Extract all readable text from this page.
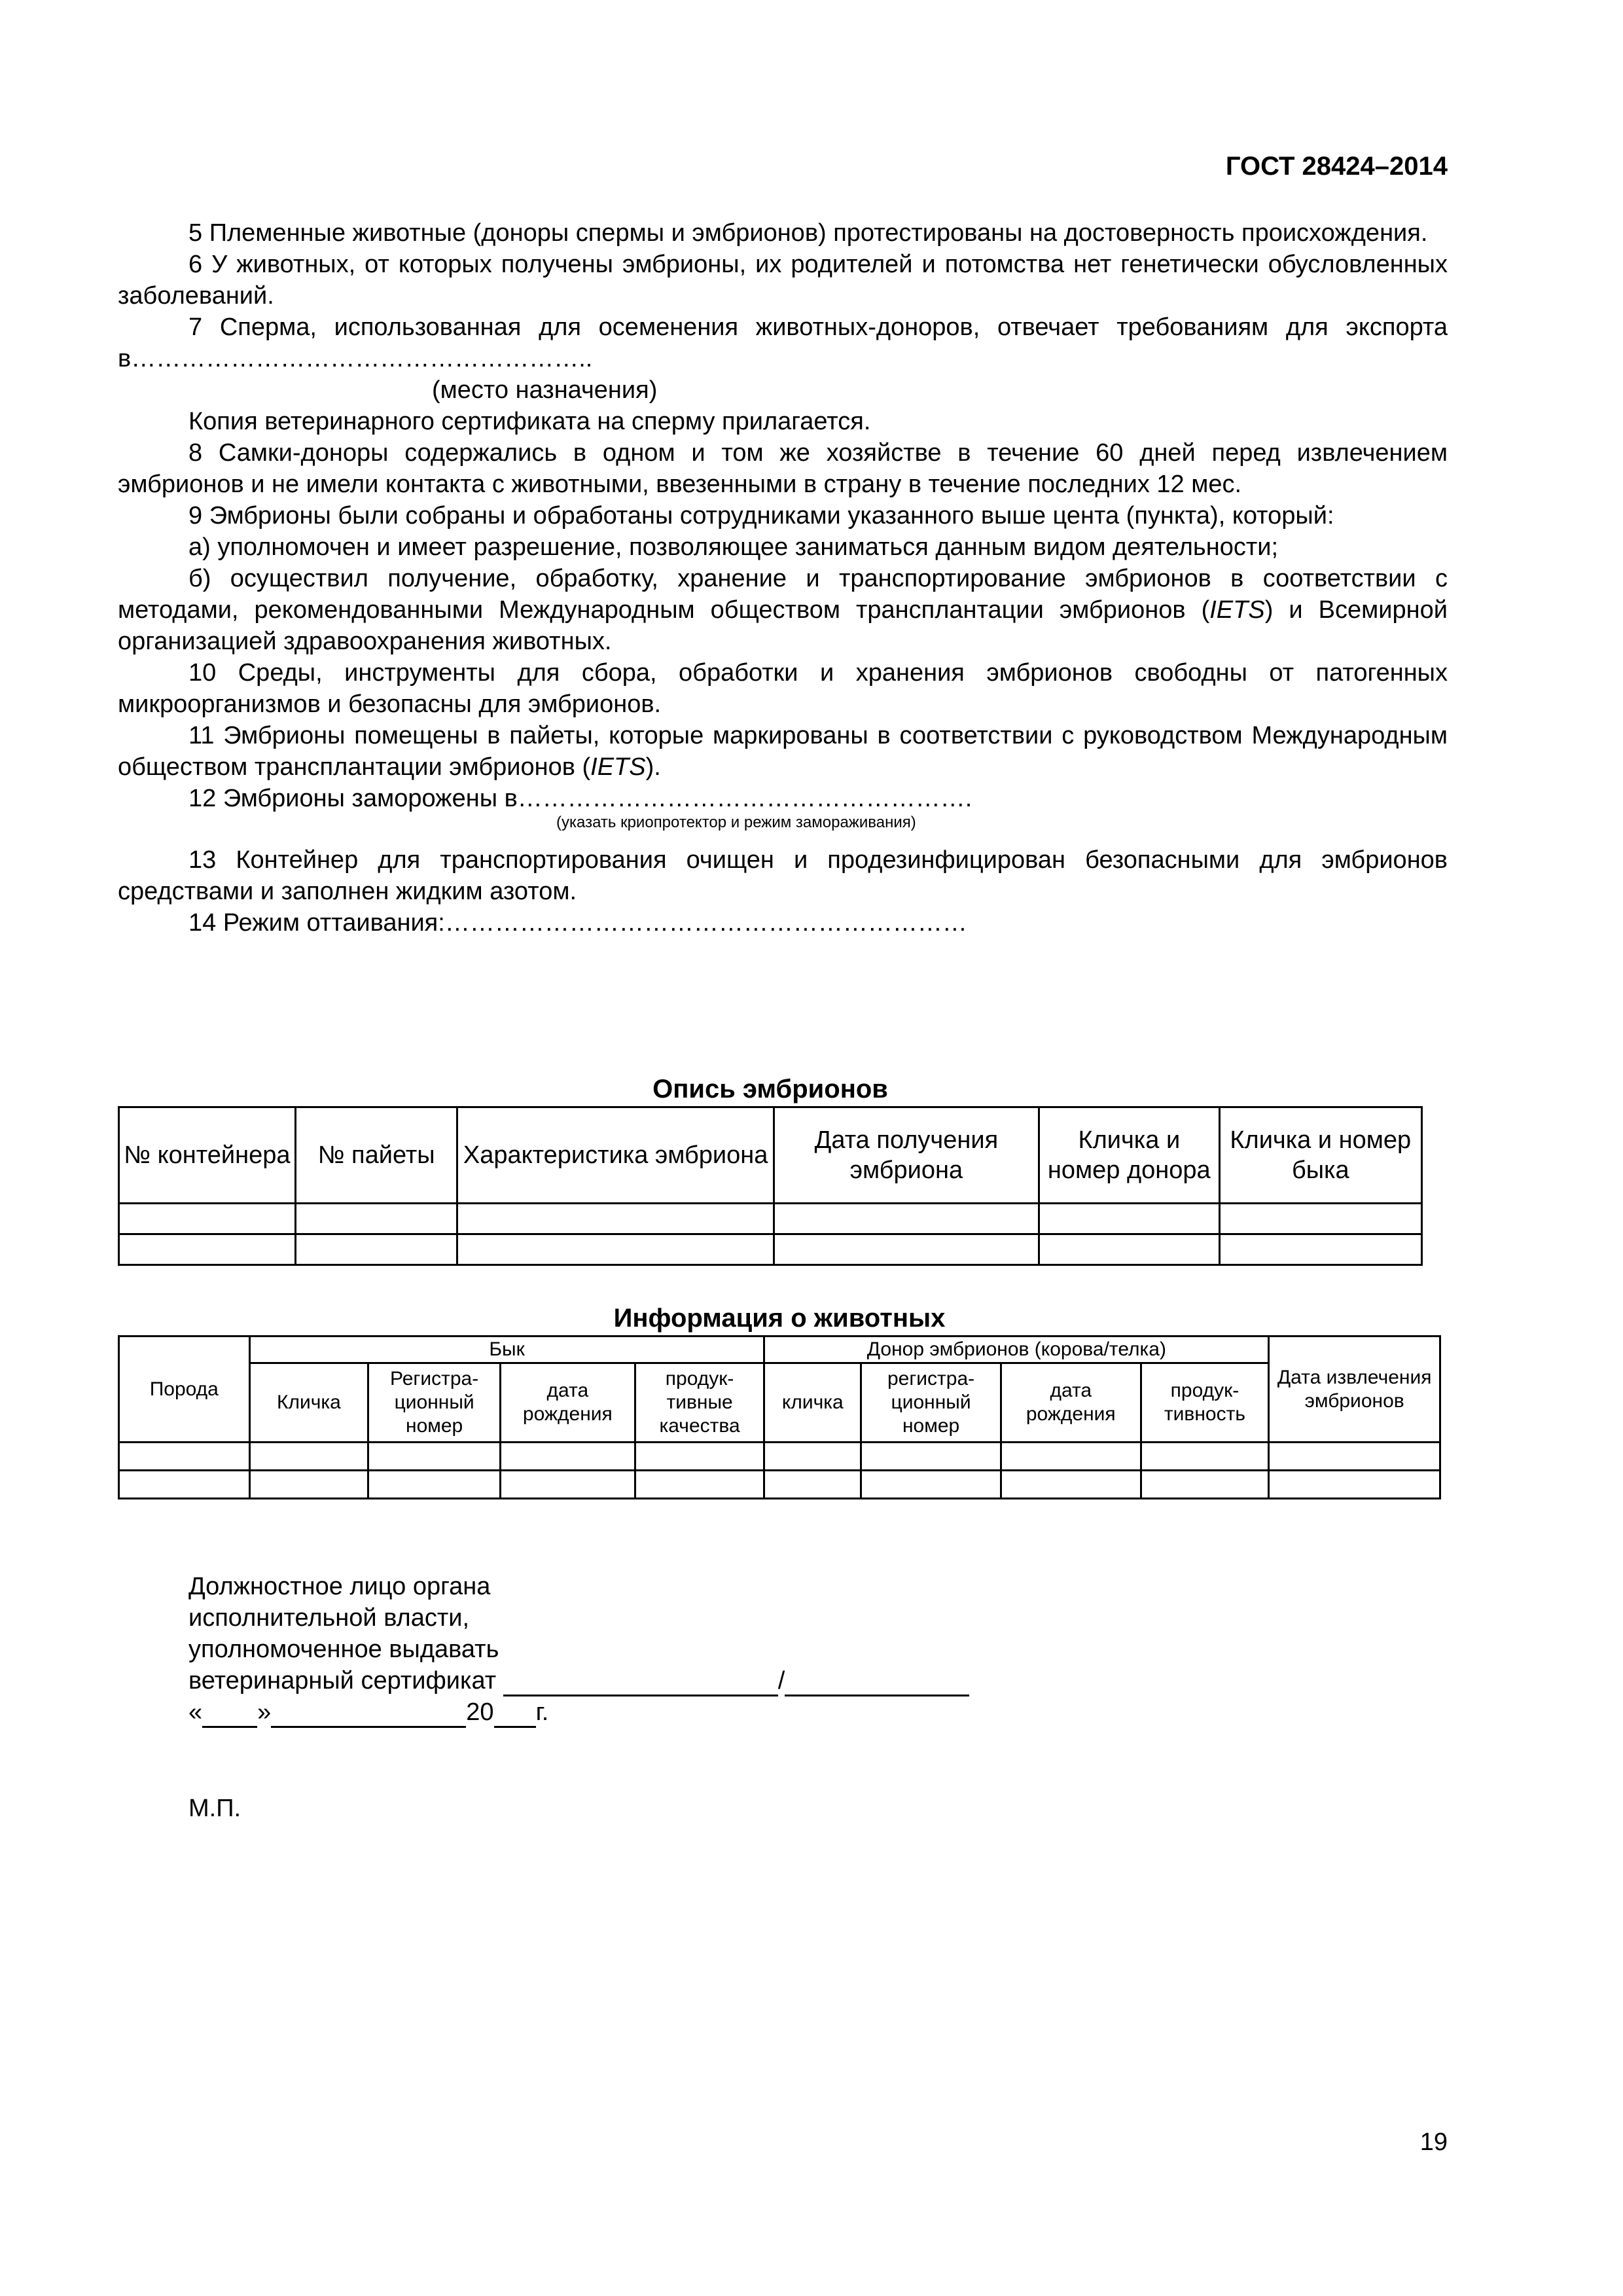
ГОСТ 28424–2014

5 Племенные животные (доноры спермы и эмбрионов) протестированы на достоверность происхождения.

6 У животных, от которых получены эмбрионы, их родителей и потомства нет генетически обусловленных заболеваний.

7 Сперма, использованная для осеменения животных-доноров, отвечает требованиям для экспорта в………………………………………………..

(место назначения)

Копия ветеринарного сертификата на сперму прилагается.

8 Самки-доноры содержались в одном и том же хозяйстве в течение 60 дней перед извлечением эмбрионов и не имели контакта с животными, ввезенными в страну в течение последних 12 мес.

9 Эмбрионы были собраны и обработаны сотрудниками указанного выше цента (пункта), который:

а) уполномочен и имеет разрешение, позволяющее заниматься данным видом деятельности;

б) осуществил получение, обработку, хранение и транспортирование эмбрионов в соответствии с методами, рекомендованными Международным обществом трансплантации эмбрионов (IETS) и Всемирной организацией здравоохранения животных.

10 Среды, инструменты для сбора, обработки и хранения эмбрионов свободны от патогенных микроорганизмов и безопасны для эмбрионов.

11 Эмбрионы помещены в пайеты, которые маркированы в соответствии с руководством Международным обществом трансплантации эмбрионов (IETS).

12 Эмбрионы заморожены в……………………………………………….

(указать криопротектор и режим замораживания)

13 Контейнер для транспортирования очищен и продезинфицирован безопасными для эмбрионов средствами и заполнен жидким азотом.

14 Режим оттаивания:………………………………………………………

Опись эмбрионов

№ контейнера	№ пайеты	Характеристика эмбриона	Дата получения эмбриона	Кличка и номер донора	Кличка и номер быка

Информация о животных

Порода	Бык				Донор эмбрионов (корова/телка)				Дата извлечения эмбрионов
	Кличка	Регистра-ционный номер	дата рождения	продук-тивные качества	кличка	регистра-ционный номер	дата рождения	продук-тивность	

Должностное лицо органа
исполнительной власти,
уполномоченное выдавать
ветеринарный сертификат	/
« »	20 г.
М.П.
19
